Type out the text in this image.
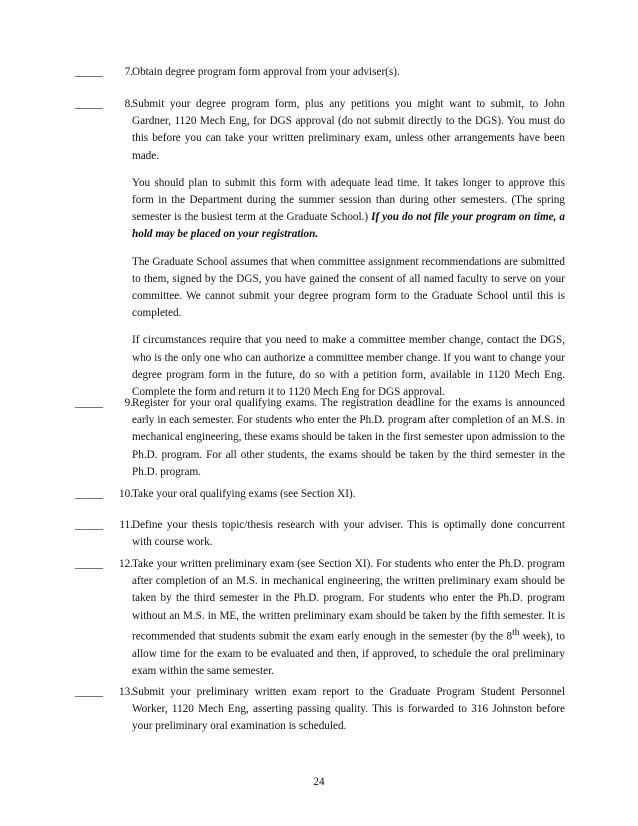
_____	7. Obtain degree program form approval from your adviser(s).
_____	8. Submit your degree program form, plus any petitions you might want to submit, to John Gardner, 1120 Mech Eng, for DGS approval (do not submit directly to the DGS). You must do this before you can take your written preliminary exam, unless other arrangements have been made.
You should plan to submit this form with adequate lead time. It takes longer to approve this form in the Department during the summer session than during other semesters. (The spring semester is the busiest term at the Graduate School.) If you do not file your program on time, a hold may be placed on your registration.
The Graduate School assumes that when committee assignment recommendations are submitted to them, signed by the DGS, you have gained the consent of all named faculty to serve on your committee. We cannot submit your degree program form to the Graduate School until this is completed.
If circumstances require that you need to make a committee member change, contact the DGS, who is the only one who can authorize a committee member change. If you want to change your degree program form in the future, do so with a petition form, available in 1120 Mech Eng. Complete the form and return it to 1120 Mech Eng for DGS approval.
_____	9. Register for your oral qualifying exams. The registration deadline for the exams is announced early in each semester. For students who enter the Ph.D. program after completion of an M.S. in mechanical engineering, these exams should be taken in the first semester upon admission to the Ph.D. program. For all other students, the exams should be taken by the third semester in the Ph.D. program.
_____	10. Take your oral qualifying exams (see Section XI).
_____	11. Define your thesis topic/thesis research with your adviser. This is optimally done concurrent with course work.
_____	12. Take your written preliminary exam (see Section XI). For students who enter the Ph.D. program after completion of an M.S. in mechanical engineering, the written preliminary exam should be taken by the third semester in the Ph.D. program. For students who enter the Ph.D. program without an M.S. in ME, the written preliminary exam should be taken by the fifth semester. It is recommended that students submit the exam early enough in the semester (by the 8th week), to allow time for the exam to be evaluated and then, if approved, to schedule the oral preliminary exam within the same semester.
_____	13. Submit your preliminary written exam report to the Graduate Program Student Personnel Worker, 1120 Mech Eng, asserting passing quality. This is forwarded to 316 Johnston before your preliminary oral examination is scheduled.
24
